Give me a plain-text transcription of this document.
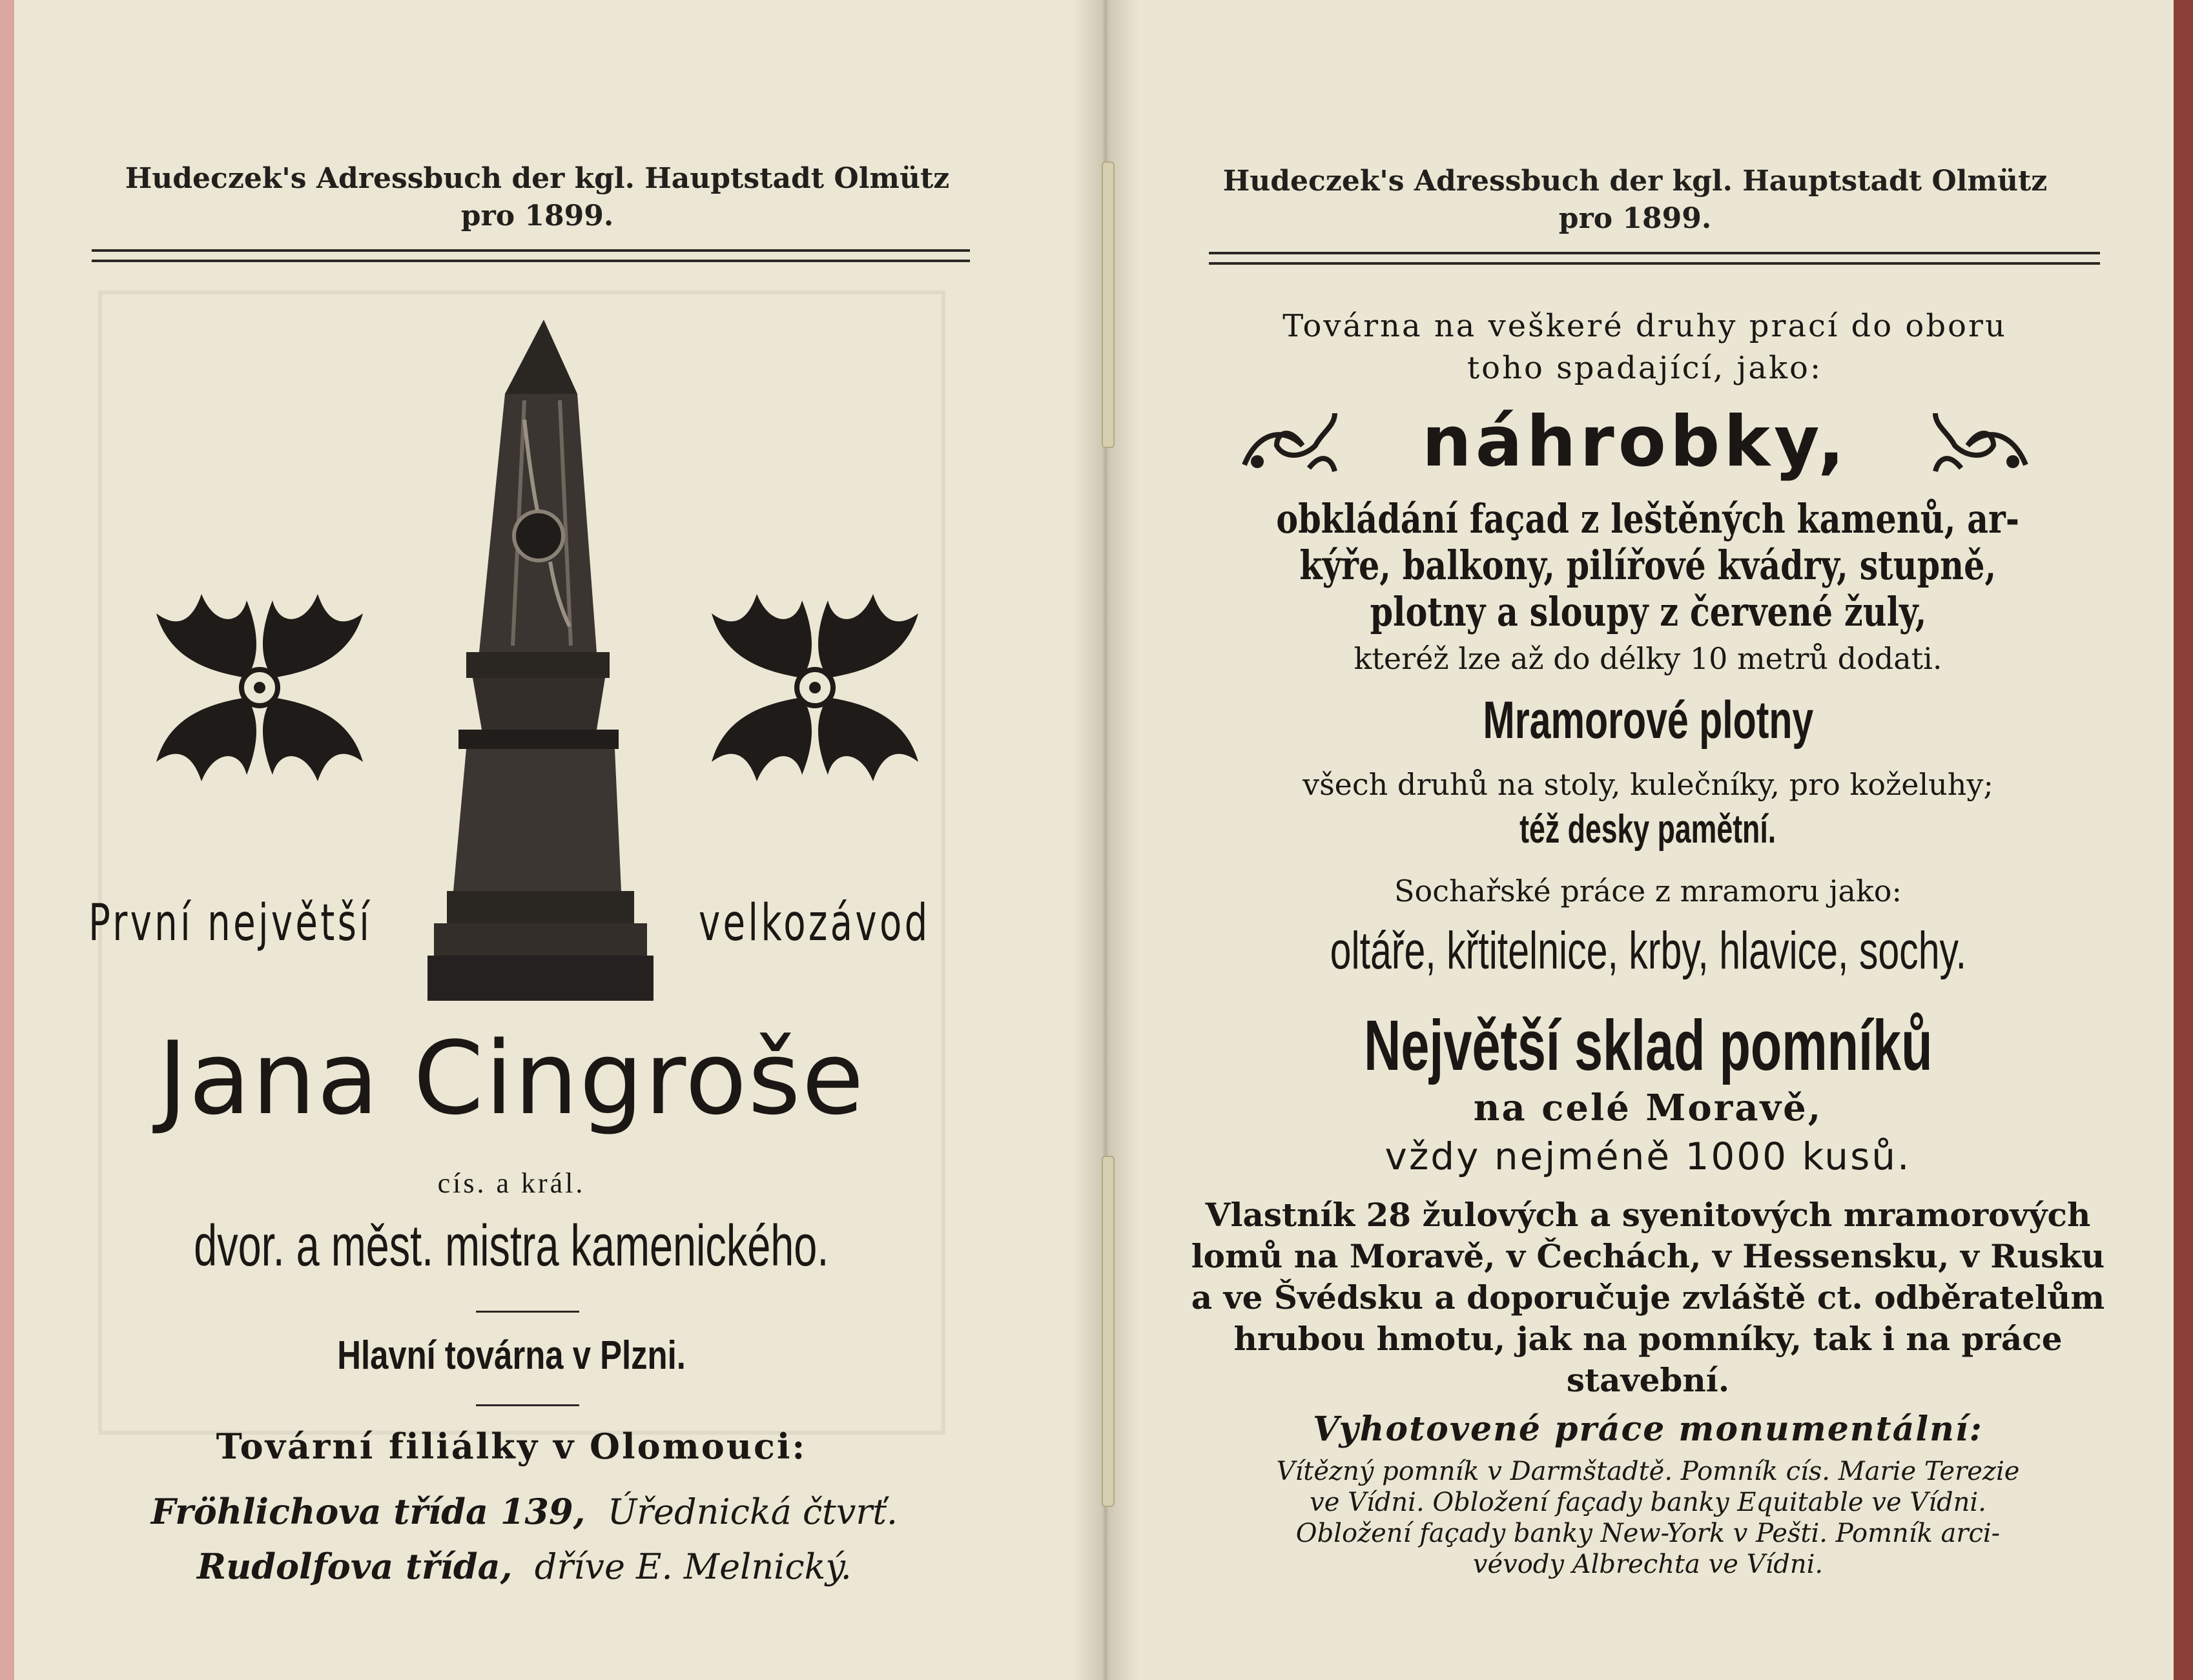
Hudeczek's Adressbuch der kgl. Hauptstadt Olmütz
pro 1899.
První největší	velkozávod
Jana Cingroše
cís. a král.
dvor. a měst. mistra kamenického.
Hlavní továrna v Plzni.
Tovární filiálky v Olomouci:
Fröhlichova třída 139, Úřednická čtvrť.
Rudolfova třída, dříve E. Melnický.
Hudeczek's Adressbuch der kgl. Hauptstadt Olmütz
pro 1899.
Továrna na veškeré druhy prací do oboru
toho spadající, jako:
náhrobky,
obkládání façad z leštěných kamenů, ar-
kýře, balkony, pilířové kvádry, stupně,
plotny a sloupy z červené žuly,
kteréž lze až do délky 10 metrů dodati.
Mramorové plotny
všech druhů na stoly, kulečníky, pro koželuhy;
též desky pamětní.
Sochařské práce z mramoru jako:
oltáře, křtitelnice, krby, hlavice, sochy.
Největší sklad pomníků
na celé Moravě,
vždy nejméně 1000 kusů.
Vlastník 28 žulových a syenitových mramorových
lomů na Moravě, v Čechách, v Hessensku, v Rusku
a ve Švédsku a doporučuje zvláště ct. odběratelům
hrubou hmotu, jak na pomníky, tak i na práce
stavební.
Vyhotovené práce monumentální:
Vítězný pomník v Darmštadtě. Pomník cís. Marie Terezie
ve Vídni. Obložení façady banky Equitable ve Vídni.
Obložení façady banky New-York v Pešti. Pomník arci-
vévody Albrechta ve Vídni.
